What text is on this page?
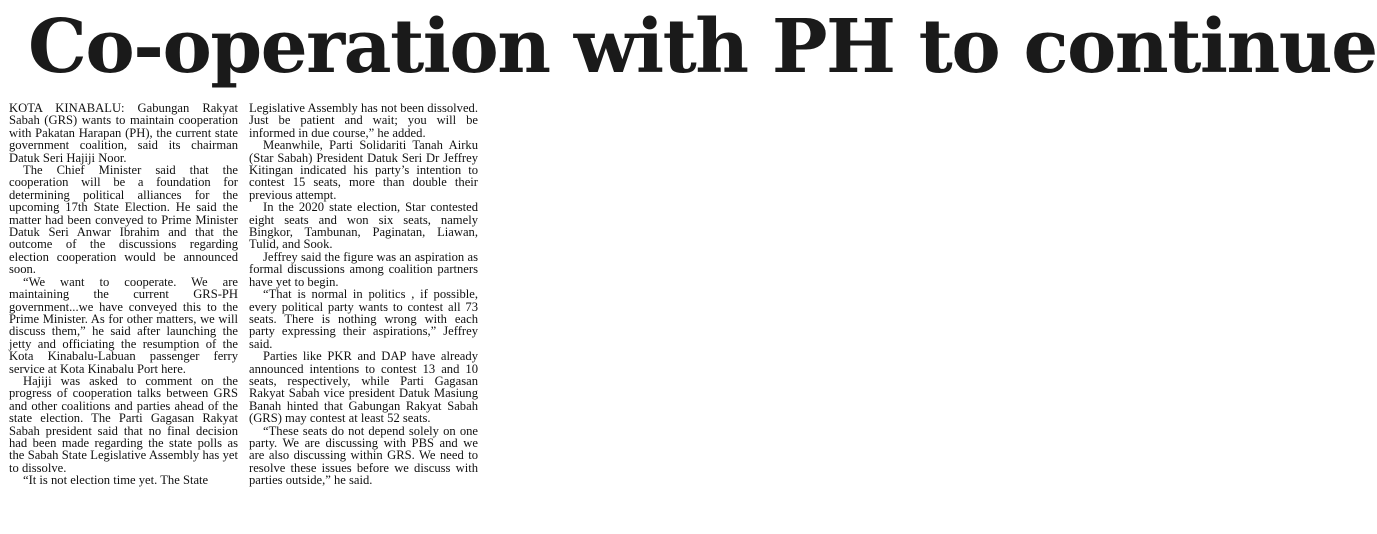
Co-operation with PH to continue

KOTA KINABALU: Gabungan Rakyat Sabah (GRS) wants to maintain cooperation with Pakatan Harapan (PH), the current state government coalition, said its chairman Datuk Seri Hajiji Noor.

The Chief Minister said that the cooperation will be a foundation for determining political alliances for the upcoming 17th State Election. He said the matter had been conveyed to Prime Minister Datuk Seri Anwar Ibrahim and that the outcome of the discussions regarding election cooperation would be announced soon.

“We want to cooperate. We are maintaining the current GRS-PH government...we have conveyed this to the Prime Minister. As for other matters, we will discuss them,” he said after launching the jetty and officiating the resumption of the Kota Kinabalu-Labuan passenger ferry service at Kota Kinabalu Port here.

Hajiji was asked to comment on the progress of cooperation talks between GRS and other coalitions and parties ahead of the state election. The Parti Gagasan Rakyat Sabah president said that no final decision had been made regarding the state polls as the Sabah State Legislative Assembly has yet to dissolve.

“It is not election time yet. The State

Legislative Assembly has not been dissolved. Just be patient and wait; you will be informed in due course,” he added.

Meanwhile, Parti Solidariti Tanah Airku (Star Sabah) President Datuk Seri Dr Jeffrey Kitingan indicated his party’s intention to contest 15 seats, more than double their previous attempt.

In the 2020 state election, Star contested eight seats and won six seats, namely Bingkor, Tambunan, Paginatan, Liawan, Tulid, and Sook.

Jeffrey said the figure was an aspiration as formal discussions among coalition partners have yet to begin.

“That is normal in politics , if possible, every political party wants to contest all 73 seats. There is nothing wrong with each party expressing their aspirations,” Jeffrey said.

Parties like PKR and DAP have already announced intentions to contest 13 and 10 seats, respectively, while Parti Gagasan Rakyat Sabah vice president Datuk Masiung Banah hinted that Gabungan Rakyat Sabah (GRS) may contest at least 52 seats.

“These seats do not depend solely on one party. We are discussing with PBS and we are also discussing within GRS. We need to resolve these issues before we discuss with parties outside,” he said.
